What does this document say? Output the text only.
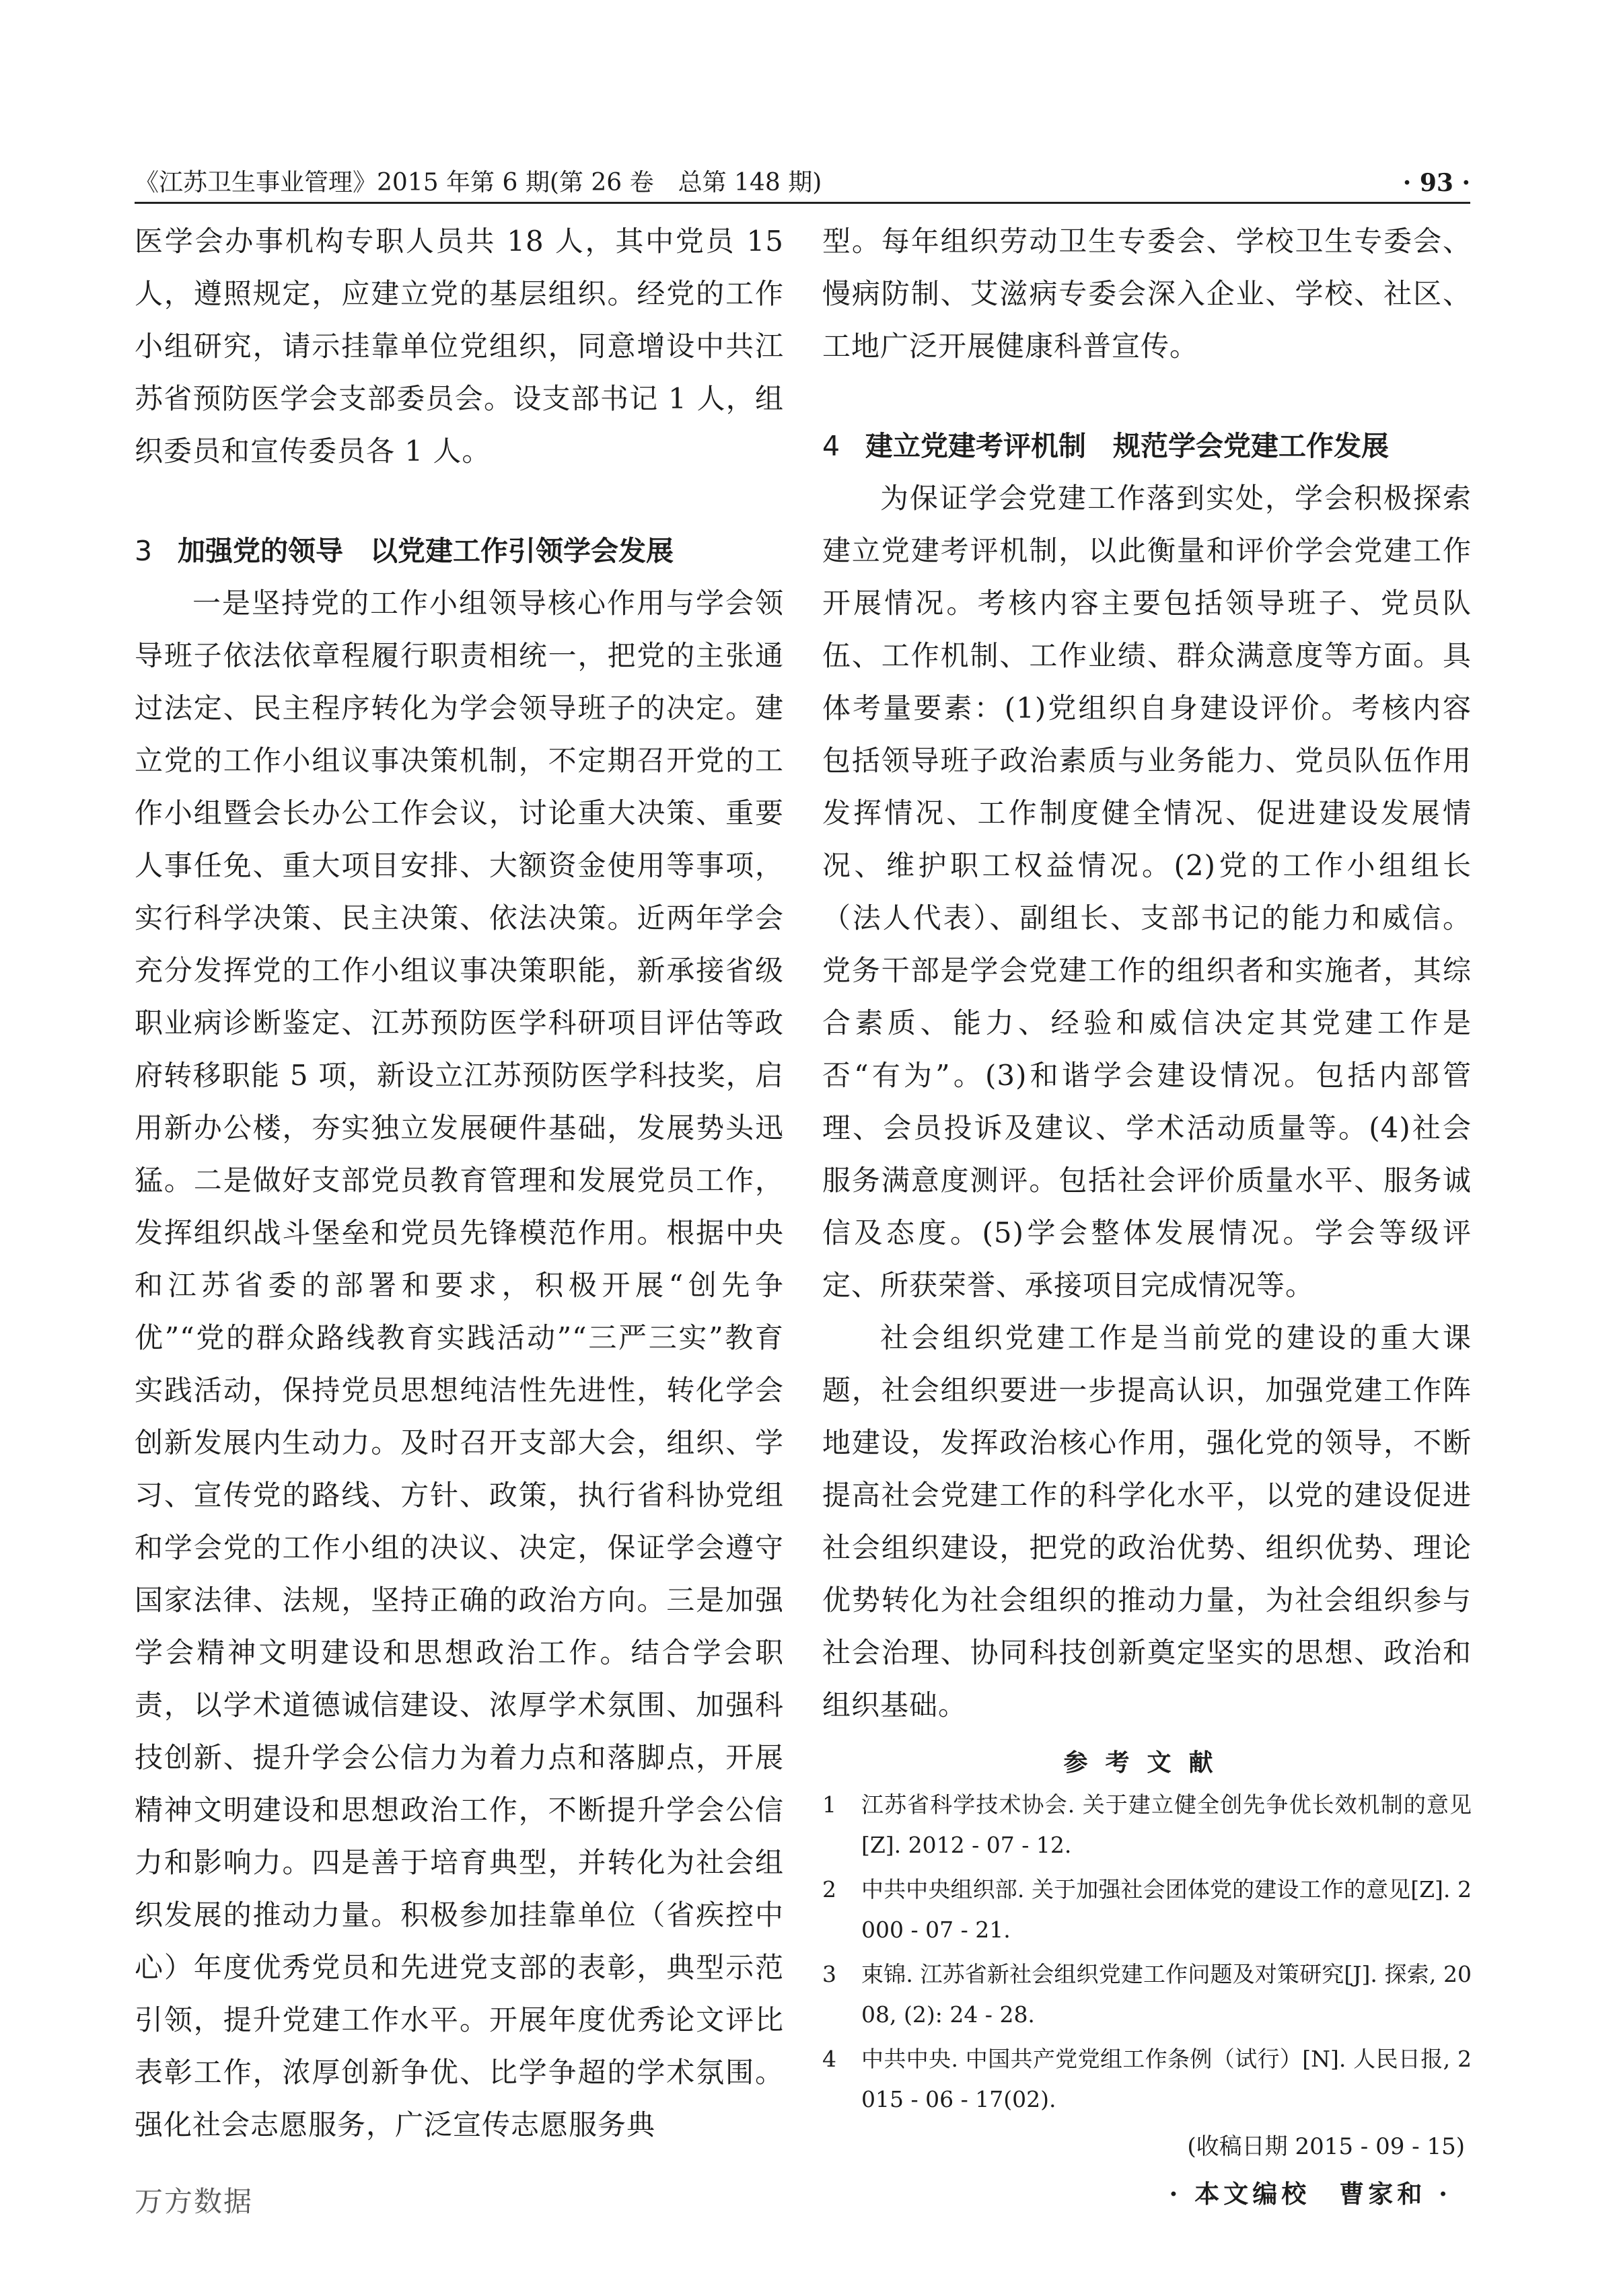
《江苏卫生事业管理》2015 年第 6 期(第 26 卷　总第 148 期)	· 93 ·

医学会办事机构专职人员共 18 人，其中党员 15 人，遵照规定，应建立党的基层组织。经党的工作小组研究，请示挂靠单位党组织，同意增设中共江苏省预防医学会支部委员会。设支部书记 1 人，组织委员和宣传委员各 1 人。

3 加强党的领导 以党建工作引领学会发展

一是坚持党的工作小组领导核心作用与学会领导班子依法依章程履行职责相统一，把党的主张通过法定、民主程序转化为学会领导班子的决定。建立党的工作小组议事决策机制，不定期召开党的工作小组暨会长办公工作会议，讨论重大决策、重要人事任免、重大项目安排、大额资金使用等事项，实行科学决策、民主决策、依法决策。近两年学会充分发挥党的工作小组议事决策职能，新承接省级职业病诊断鉴定、江苏预防医学科研项目评估等政府转移职能 5 项，新设立江苏预防医学科技奖，启用新办公楼，夯实独立发展硬件基础，发展势头迅猛。二是做好支部党员教育管理和发展党员工作，发挥组织战斗堡垒和党员先锋模范作用。根据中央和江苏省委的部署和要求，积极开展“创先争优”“党的群众路线教育实践活动”“三严三实”教育实践活动，保持党员思想纯洁性先进性，转化学会创新发展内生动力。及时召开支部大会，组织、学习、宣传党的路线、方针、政策，执行省科协党组和学会党的工作小组的决议、决定，保证学会遵守国家法律、法规，坚持正确的政治方向。三是加强学会精神文明建设和思想政治工作。结合学会职责，以学术道德诚信建设、浓厚学术氛围、加强科技创新、提升学会公信力为着力点和落脚点，开展精神文明建设和思想政治工作，不断提升学会公信力和影响力。四是善于培育典型，并转化为社会组织发展的推动力量。积极参加挂靠单位（省疾控中心）年度优秀党员和先进党支部的表彰，典型示范引领，提升党建工作水平。开展年度优秀论文评比表彰工作，浓厚创新争优、比学争超的学术氛围。强化社会志愿服务，广泛宣传志愿服务典

型。每年组织劳动卫生专委会、学校卫生专委会、慢病防制、艾滋病专委会深入企业、学校、社区、工地广泛开展健康科普宣传。

4 建立党建考评机制 规范学会党建工作发展

为保证学会党建工作落到实处，学会积极探索建立党建考评机制，以此衡量和评价学会党建工作开展情况。考核内容主要包括领导班子、党员队伍、工作机制、工作业绩、群众满意度等方面。具体考量要素：(1)党组织自身建设评价。考核内容包括领导班子政治素质与业务能力、党员队伍作用发挥情况、工作制度健全情况、促进建设发展情况、维护职工权益情况。(2)党的工作小组组长（法人代表）、副组长、支部书记的能力和威信。党务干部是学会党建工作的组织者和实施者，其综合素质、能力、经验和威信决定其党建工作是否“有为”。(3)和谐学会建设情况。包括内部管理、会员投诉及建议、学术活动质量等。(4)社会服务满意度测评。包括社会评价质量水平、服务诚信及态度。(5)学会整体发展情况。学会等级评定、所获荣誉、承接项目完成情况等。

社会组织党建工作是当前党的建设的重大课题，社会组织要进一步提高认识，加强党建工作阵地建设，发挥政治核心作用，强化党的领导，不断提高社会党建工作的科学化水平，以党的建设促进社会组织建设，把党的政治优势、组织优势、理论优势转化为社会组织的推动力量，为社会组织参与社会治理、协同科技创新奠定坚实的思想、政治和组织基础。

参考文献
1	江苏省科学技术协会. 关于建立健全创先争优长效机制的意见[Z]. 2012 - 07 - 12.
2	中共中央组织部. 关于加强社会团体党的建设工作的意见[Z]. 2000 - 07 - 21.
3	束锦. 江苏省新社会组织党建工作问题及对策研究[J]. 探索, 2008, (2): 24 - 28.
4	中共中央. 中国共产党党组工作条例（试行）[N]. 人民日报, 2015 - 06 - 17(02).
(收稿日期 2015 - 09 - 15)
· 本文编校　曹家和 ·
万方数据
